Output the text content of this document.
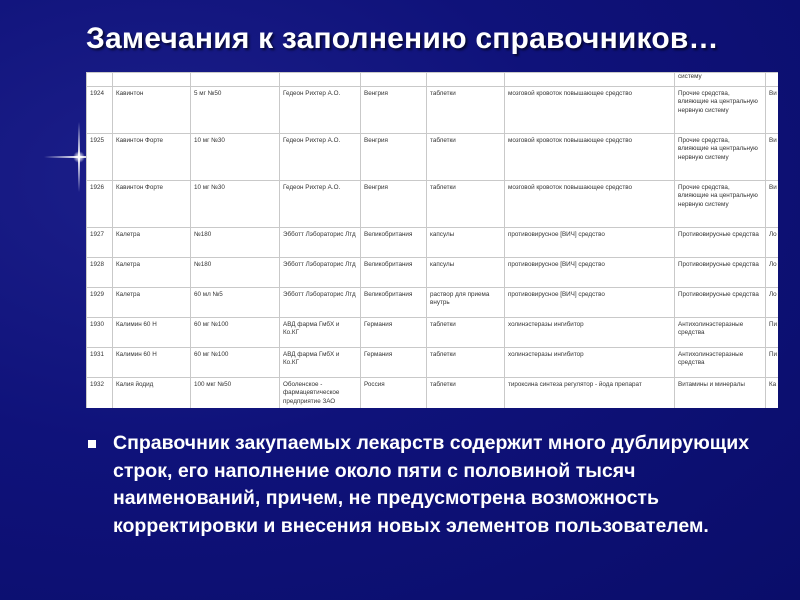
Замечания к заполнению справочников…
							систему	
1924	Кавинтон	5 мг №50	Гедеон Рихтер А.О.	Венгрия	таблетки	мозговой кровоток повышающее средство	Прочие средства, влияющие на центральную нервную систему	Ви
1925	Кавинтон Форте	10 мг №30	Гедеон Рихтер А.О.	Венгрия	таблетки	мозговой кровоток повышающее средство	Прочие средства, влияющие на центральную нервную систему	Ви
1926	Кавинтон Форте	10 мг №30	Гедеон Рихтер А.О.	Венгрия	таблетки	мозговой кровоток повышающее средство	Прочие средства, влияющие на центральную нервную систему	Ви
1927	Калетра	№180	Эбботт Лэбораторис Лтд	Великобритания	капсулы	противовирусное [ВИЧ] средство	Противовирусные средства	Ло
1928	Калетра	№180	Эбботт Лэбораторис Лтд	Великобритания	капсулы	противовирусное [ВИЧ] средство	Противовирусные средства	Ло
1929	Калетра	60 мл №5	Эбботт Лэбораторис Лтд	Великобритания	раствор для приема внутрь	противовирусное [ВИЧ] средство	Противовирусные средства	Ло
1930	Калимин 60 Н	60 мг №100	АВД фарма ГмбХ и Ко.КГ	Германия	таблетки	холинэстеразы ингибитор	Антихолинэстеразные средства	Пи
1931	Калимин 60 Н	60 мг №100	АВД фарма ГмбХ и Ко.КГ	Германия	таблетки	холинэстеразы ингибитор	Антихолинэстеразные средства	Пи
1932	Калия йодид	100 мкг №50	Оболенское - фармацевтическое предприятие ЗАО	Россия	таблетки	тироксина синтеза регулятор - йода препарат	Витамины и минералы	Ка
Справочник закупаемых лекарств содержит много дублирующих строк, его наполнение около пяти с половиной тысяч наименований, причем, не предусмотрена возможность корректировки и внесения новых элементов пользователем.
